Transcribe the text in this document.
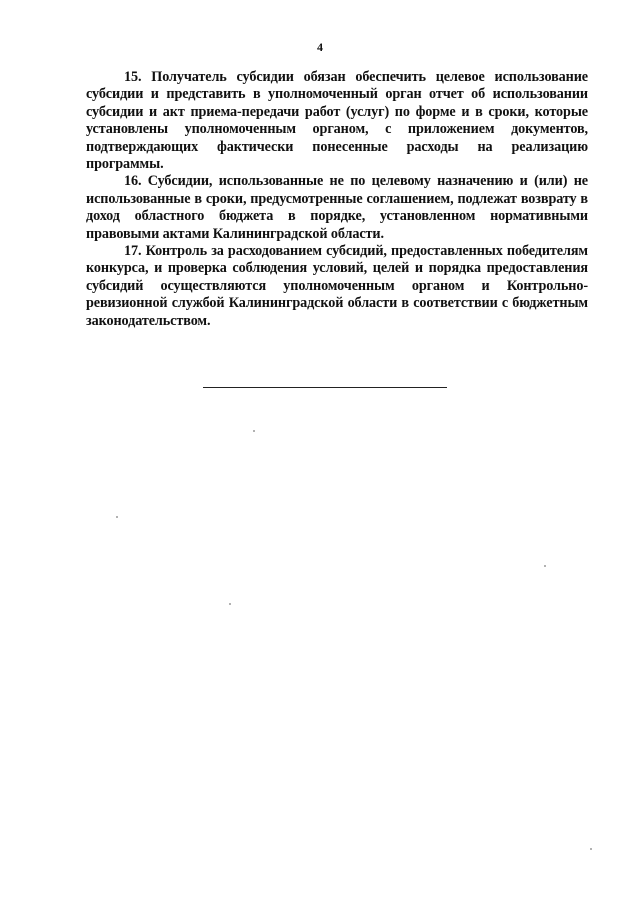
4

15. Получатель субсидии обязан обеспечить целевое использование субсидии и представить в уполномоченный орган отчет об использовании субсидии и акт приема-передачи работ (услуг) по форме и в сроки, которые установлены уполномоченным органом, с приложением документов, подтверждающих фактически понесенные расходы на реализацию программы.

16. Субсидии, использованные не по целевому назначению и (или) не использованные в сроки, предусмотренные соглашением, подлежат возврату в доход областного бюджета в порядке, установленном нормативными правовыми актами Калининградской области.

17. Контроль за расходованием субсидий, предоставленных победителям конкурса, и проверка соблюдения условий, целей и порядка предоставления субсидий осуществляются уполномоченным органом и Контрольно-ревизионной службой Калининградской области в соответствии с бюджетным законодательством.
